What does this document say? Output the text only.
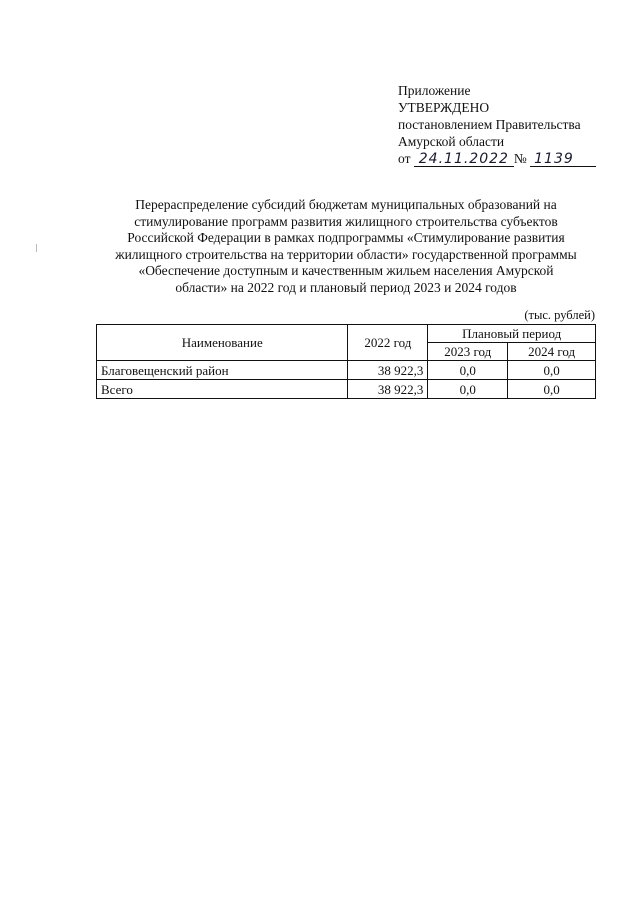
Приложение
УТВЕРЖДЕНО
постановлением Правительства
Амурской области
от 24.11.2022 № 1139
Перераспределение субсидий бюджетам муниципальных образований на
стимулирование программ развития жилищного строительства субъектов
Российской Федерации в рамках подпрограммы «Стимулирование развития
жилищного строительства на территории области» государственной программы
«Обеспечение доступным и качественным жильем населения Амурской
области» на 2022 год и плановый период 2023 и 2024 годов
(тыс. рублей)
Наименование	2022 год	Плановый период	
		2023 год	2024 год
Благовещенский район	38 922,3	0,0	0,0
Всего	38 922,3	0,0	0,0
